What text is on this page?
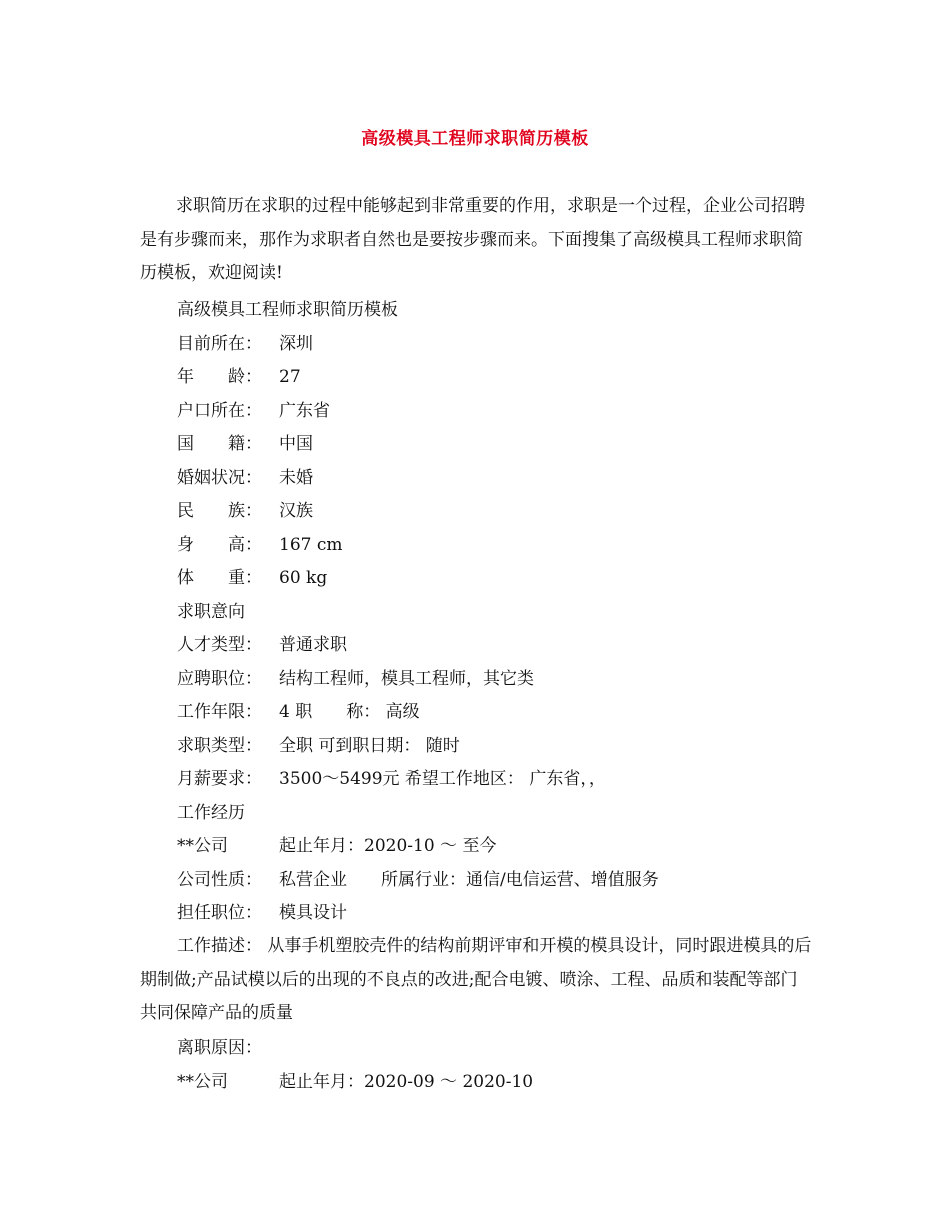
高级模具工程师求职简历模板

求职简历在求职的过程中能够起到非常重要的作用，求职是一个过程，企业公司招聘是有步骤而来，那作为求职者自然也是要按步骤而来。下面搜集了高级模具工程师求职简历模板，欢迎阅读!

高级模具工程师求职简历模板
目前所在： 深圳
年　　龄： 27
户口所在： 广东省
国　　籍： 中国
婚姻状况： 未婚
民　　族： 汉族
身　　高： 167 cm
体　　重： 60 kg
求职意向
人才类型： 普通求职
应聘职位： 结构工程师，模具工程师，其它类
工作年限： 4 职　　称： 高级
求职类型： 全职 可到职日期： 随时
月薪要求： 3500～5499元 希望工作地区： 广东省，，
工作经历
**公司	起止年月：2020-10 ～ 至今
公司性质： 私营企业　　所属行业：通信/电信运营、增值服务
担任职位： 模具设计

工作描述： 从事手机塑胶壳件的结构前期评审和开模的模具设计，同时跟进模具的后期制做;产品试模以后的出现的不良点的改进;配合电镀、喷涂、工程、品质和装配等部门共同保障产品的质量

离职原因：
**公司	起止年月：2020-09 ～ 2020-10
